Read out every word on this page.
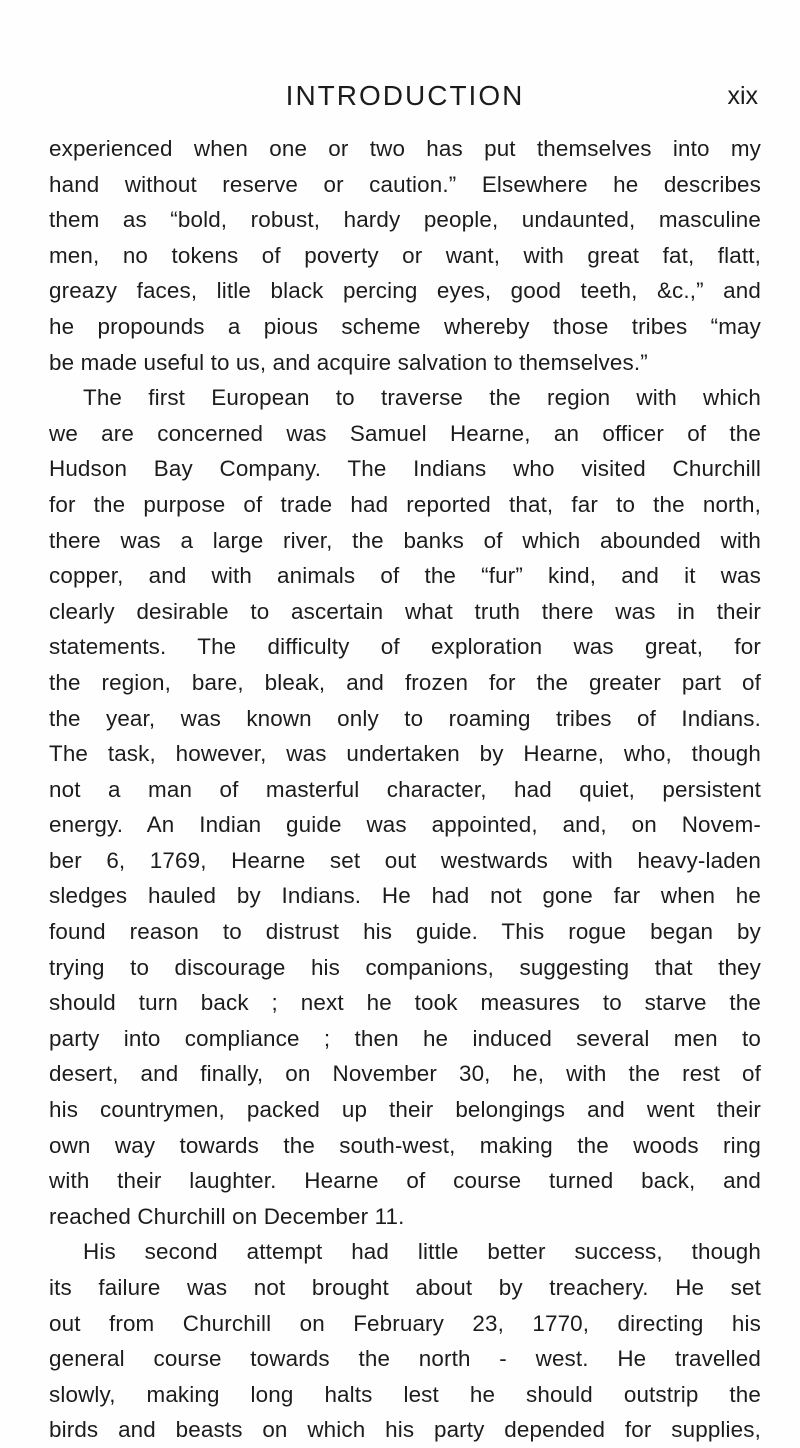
INTRODUCTION	xix
experienced when one or two has put themselves into my
hand without reserve or caution.” Elsewhere he describes
them as “bold, robust, hardy people, undaunted, masculine
men, no tokens of poverty or want, with great fat, flatt,
greazy faces, litle black percing eyes, good teeth, &c.,” and
he propounds a pious scheme whereby those tribes “may
be made useful to us, and acquire salvation to themselves.”
The first European to traverse the region with which
we are concerned was Samuel Hearne, an officer of the
Hudson Bay Company. The Indians who visited Churchill
for the purpose of trade had reported that, far to the north,
there was a large river, the banks of which abounded with
copper, and with animals of the “fur” kind, and it was
clearly desirable to ascertain what truth there was in their
statements. The difficulty of exploration was great, for
the region, bare, bleak, and frozen for the greater part of
the year, was known only to roaming tribes of Indians.
The task, however, was undertaken by Hearne, who, though
not a man of masterful character, had quiet, persistent
energy. An Indian guide was appointed, and, on Novem-
ber 6, 1769, Hearne set out westwards with heavy-laden
sledges hauled by Indians. He had not gone far when he
found reason to distrust his guide. This rogue began by
trying to discourage his companions, suggesting that they
should turn back ; next he took measures to starve the
party into compliance ; then he induced several men to
desert, and finally, on November 30, he, with the rest of
his countrymen, packed up their belongings and went their
own way towards the south-west, making the woods ring
with their laughter. Hearne of course turned back, and
reached Churchill on December 11.
His second attempt had little better success, though
its failure was not brought about by treachery. He set
out from Churchill on February 23, 1770, directing his
general course towards the north - west. He travelled
slowly, making long halts lest he should outstrip the
birds and beasts on which his party depended for supplies,
